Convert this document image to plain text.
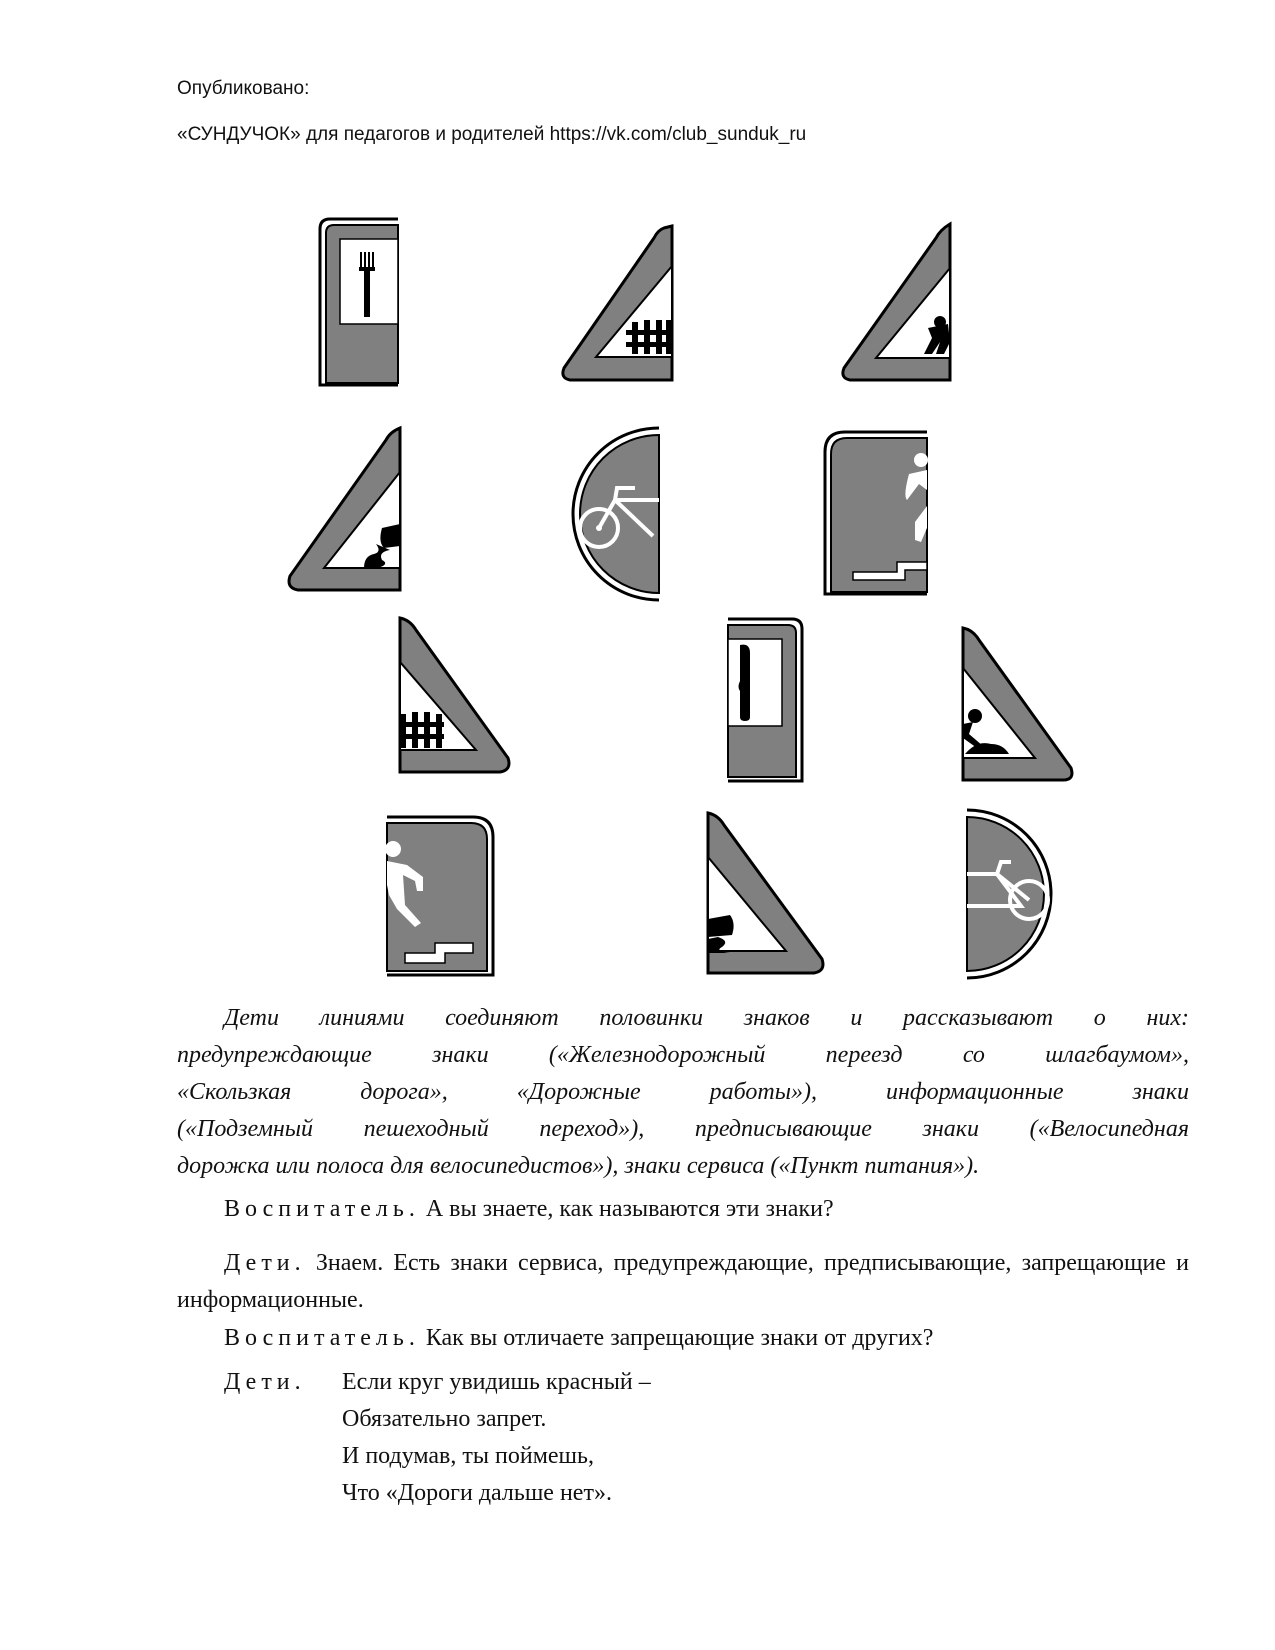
Опубликовано:
«СУНДУЧОК» для педагогов и родителей https://vk.com/club_sunduk_ru
Дети линиями соединяют половинки знаков и рассказывают о них:
предупреждающие знаки («Железнодорожный переезд со шлагбаумом»,
«Скользкая дорога», «Дорожные работы»), информационные знаки
(«Подземный пешеходный переход»), предписывающие знаки («Велосипедная
дорожка или полоса для велосипедистов»), знаки сервиса («Пункт питания»).
Воспитатель. А вы знаете, как называются эти знаки?
Дети. Знаем. Есть знаки сервиса, предупреждающие, предписывающие, запрещающие и информационные.
Воспитатель. Как вы отличаете запрещающие знаки от других?
Дети.	Если круг увидишь красный –
Обязательно запрет.
И подумав, ты поймешь,
Что «Дороги дальше нет».
